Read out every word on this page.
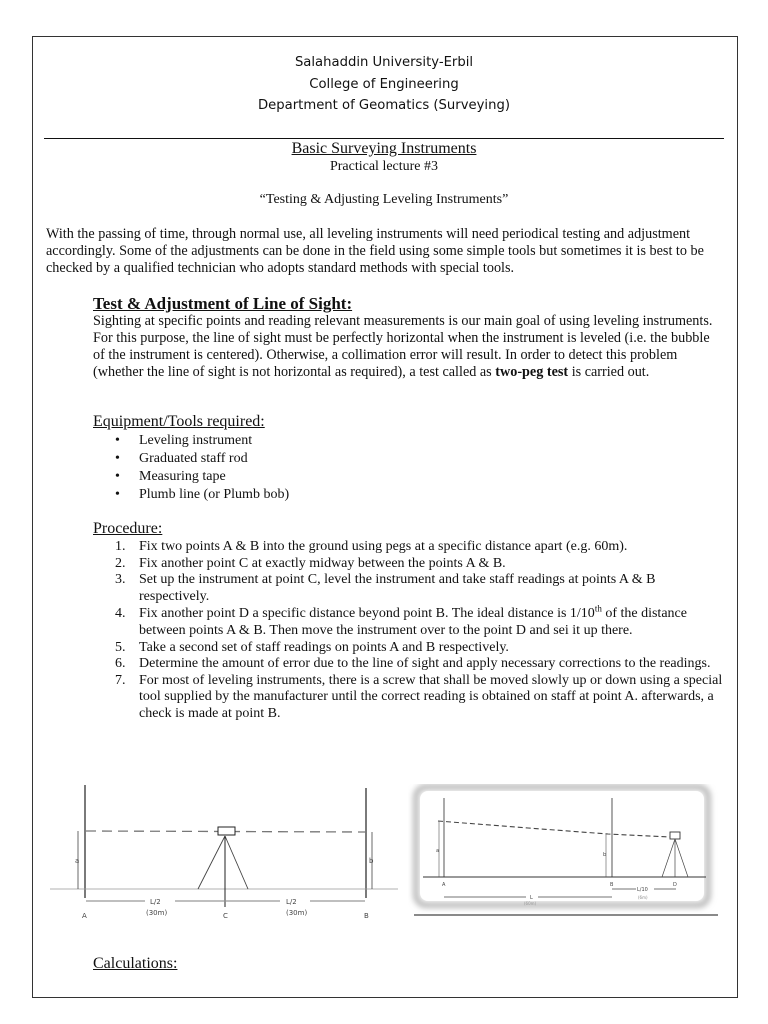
Salahaddin University-Erbil
College of Engineering
Department of Geomatics (Surveying)
Basic Surveying Instruments
Practical lecture #3
“Testing & Adjusting Leveling Instruments”

With the passing of time, through normal use, all leveling instruments will need periodical testing and adjustment accordingly. Some of the adjustments can be done in the field using some simple tools but sometimes it is best to be checked by a qualified technician who adopts standard methods with special tools.

Test & Adjustment of Line of Sight:

Sighting at specific points and reading relevant measurements is our main goal of using leveling instruments. For this purpose, the line of sight must be perfectly horizontal when the instrument is leveled (i.e. the bubble of the instrument is centered). Otherwise, a collimation error will result. In order to detect this problem (whether the line of sight is not horizontal as required), a test called as two-peg test is carried out.

Equipment/Tools required:
• Leveling instrument
• Graduated staff rod
• Measuring tape
• Plumb line (or Plumb bob)
Procedure:
1. Fix two points A & B into the ground using pegs at a specific distance apart (e.g. 60m).
2. Fix another point C at exactly midway between the points A & B.
3. Set up the instrument at point C, level the instrument and take staff readings at points A & B respectively.
4. Fix another point D a specific distance beyond point B. The ideal distance is 1/10th of the distance between points A & B. Then move the instrument over to the point D and sei it up there.
5. Take a second set of staff readings on points A and B respectively.
6. Determine the amount of error due to the line of sight and apply necessary corrections to the readings.
7. For most of leveling instruments, there is a screw that shall be moved slowly up or down using a special tool supplied by the manufacturer until the correct reading is obtained on staff at point A. afterwards, a check is made at point B.
a	b
L/2	L/2
(30m)	(30m)
A	C	B
a
b
A	B	D
L
(60m)
L/10
(6m)
Calculations:
